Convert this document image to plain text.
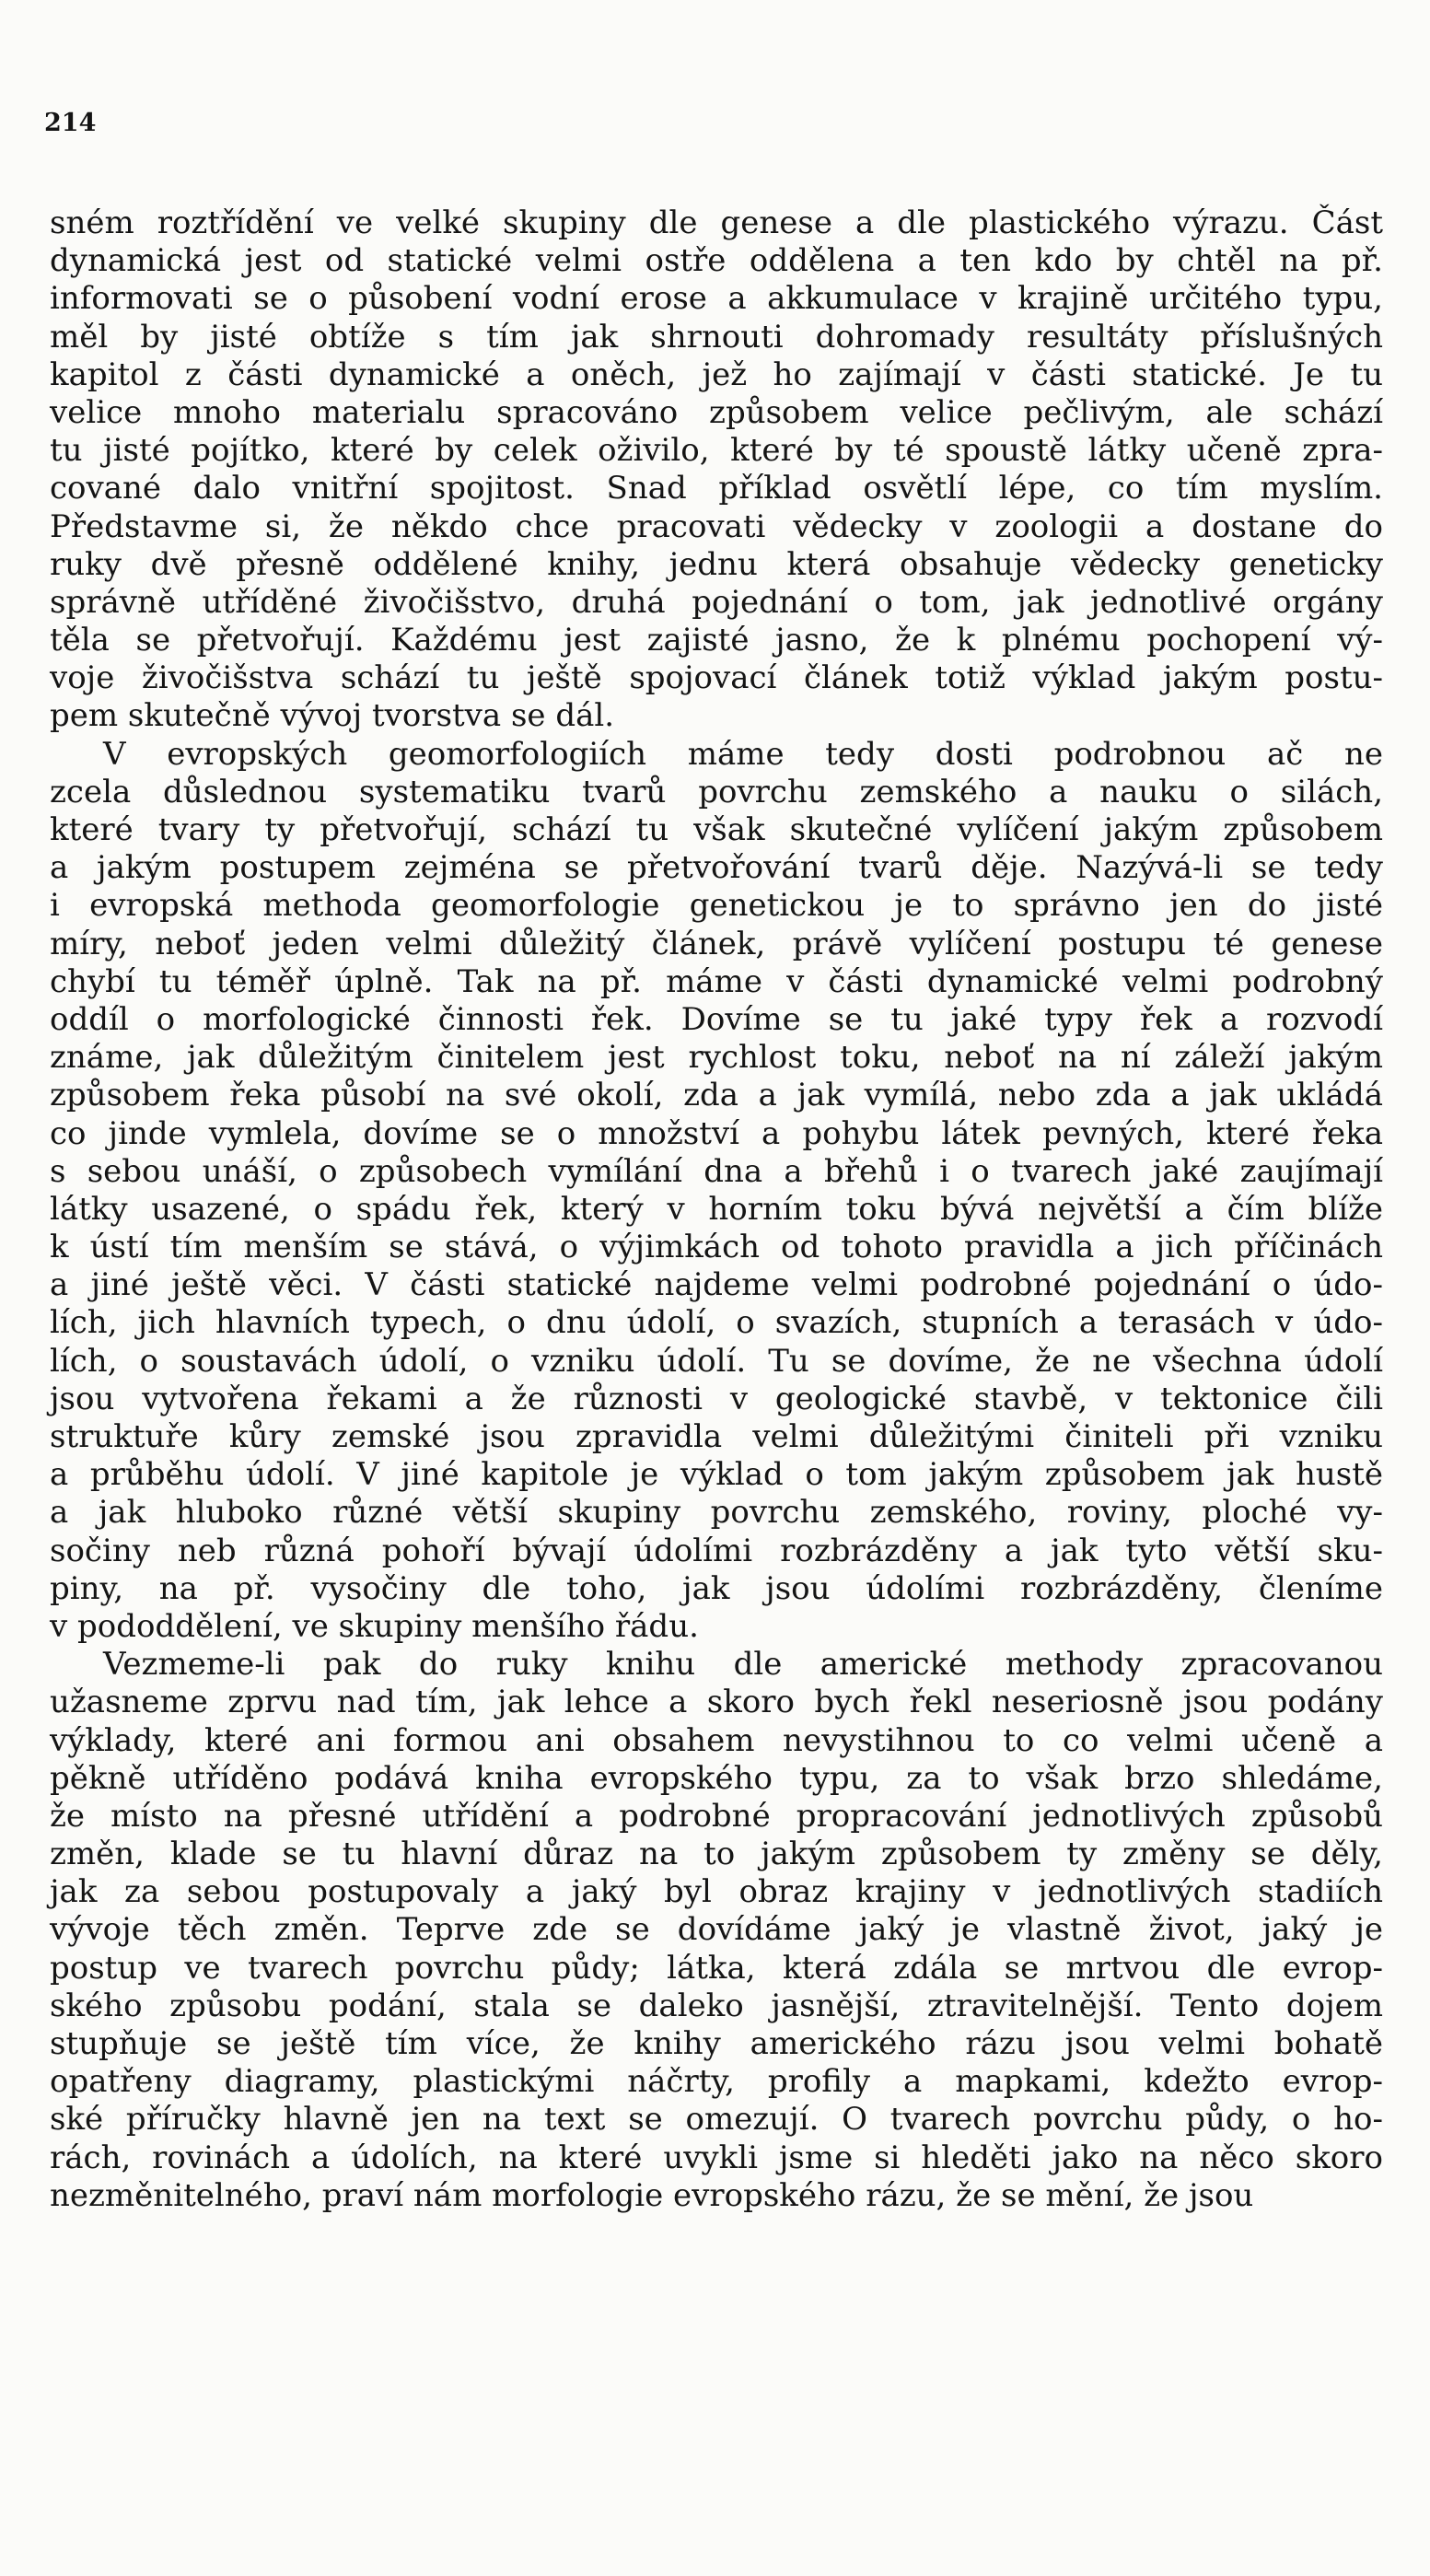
214
sném roztřídění ve velké skupiny dle genese a dle plastického výrazu. Část
dynamická jest od statické velmi ostře oddělena a ten kdo by chtěl na př.
informovati se o působení vodní erose a akkumulace v krajině určitého typu,
měl by jisté obtíže s tím jak shrnouti dohromady resultáty příslušných
kapitol z části dynamické a oněch, jež ho zajímají v části statické. Je tu
velice mnoho materialu spracováno způsobem velice pečlivým, ale schází
tu jisté pojítko, které by celek oživilo, které by té spoustě látky učeně zpra-
cované dalo vnitřní spojitost. Snad příklad osvětlí lépe, co tím myslím.
Představme si, že někdo chce pracovati vědecky v zoologii a dostane do
ruky dvě přesně oddělené knihy, jednu která obsahuje vědecky geneticky
správně utříděné živočišstvo, druhá pojednání o tom, jak jednotlivé orgány
těla se přetvořují. Každému jest zajisté jasno, že k plnému pochopení vý-
voje živočišstva schází tu ještě spojovací článek totiž výklad jakým postu-
pem skutečně vývoj tvorstva se dál.
V evropských geomorfologiích máme tedy dosti podrobnou ač ne
zcela důslednou systematiku tvarů povrchu zemského a nauku o silách,
které tvary ty přetvořují, schází tu však skutečné vylíčení jakým způsobem
a jakým postupem zejména se přetvořování tvarů děje. Nazývá-li se tedy
i evropská methoda geomorfologie genetickou je to správno jen do jisté
míry, neboť jeden velmi důležitý článek, právě vylíčení postupu té genese
chybí tu téměř úplně. Tak na př. máme v části dynamické velmi podrobný
oddíl o morfologické činnosti řek. Dovíme se tu jaké typy řek a rozvodí
známe, jak důležitým činitelem jest rychlost toku, neboť na ní záleží jakým
způsobem řeka působí na své okolí, zda a jak vymílá, nebo zda a jak ukládá
co jinde vymlela, dovíme se o množství a pohybu látek pevných, které řeka
s sebou unáší, o způsobech vymílání dna a břehů i o tvarech jaké zaujímají
látky usazené, o spádu řek, který v horním toku bývá největší a čím blíže
k ústí tím menším se stává, o výjimkách od tohoto pravidla a jich příčinách
a jiné ještě věci. V části statické najdeme velmi podrobné pojednání o údo-
lích, jich hlavních typech, o dnu údolí, o svazích, stupních a terasách v údo-
lích, o soustavách údolí, o vzniku údolí. Tu se dovíme, že ne všechna údolí
jsou vytvořena řekami a že různosti v geologické stavbě, v tektonice čili
struktuře kůry zemské jsou zpravidla velmi důležitými činiteli při vzniku
a průběhu údolí. V jiné kapitole je výklad o tom jakým způsobem jak hustě
a jak hluboko různé větší skupiny povrchu zemského, roviny, ploché vy-
sočiny neb různá pohoří bývají údolími rozbrázděny a jak tyto větší sku-
piny, na př. vysočiny dle toho, jak jsou údolími rozbrázděny, členíme
v pododdělení, ve skupiny menšího řádu.
Vezmeme-li pak do ruky knihu dle americké methody zpracovanou
užasneme zprvu nad tím, jak lehce a skoro bych řekl neseriosně jsou podány
výklady, které ani formou ani obsahem nevystihnou to co velmi učeně a
pěkně utříděno podává kniha evropského typu, za to však brzo shledáme,
že místo na přesné utřídění a podrobné propracování jednotlivých způsobů
změn, klade se tu hlavní důraz na to jakým způsobem ty změny se děly,
jak za sebou postupovaly a jaký byl obraz krajiny v jednotlivých stadiích
vývoje těch změn. Teprve zde se dovídáme jaký je vlastně život, jaký je
postup ve tvarech povrchu půdy; látka, která zdála se mrtvou dle evrop-
ského způsobu podání, stala se daleko jasnější, ztravitelnější. Tento dojem
stupňuje se ještě tím více, že knihy amerického rázu jsou velmi bohatě
opatřeny diagramy, plastickými náčrty, profily a mapkami, kdežto evrop-
ské příručky hlavně jen na text se omezují. O tvarech povrchu půdy, o ho-
rách, rovinách a údolích, na které uvykli jsme si hleděti jako na něco skoro
nezměnitelného, praví nám morfologie evropského rázu, že se mění, že jsou
